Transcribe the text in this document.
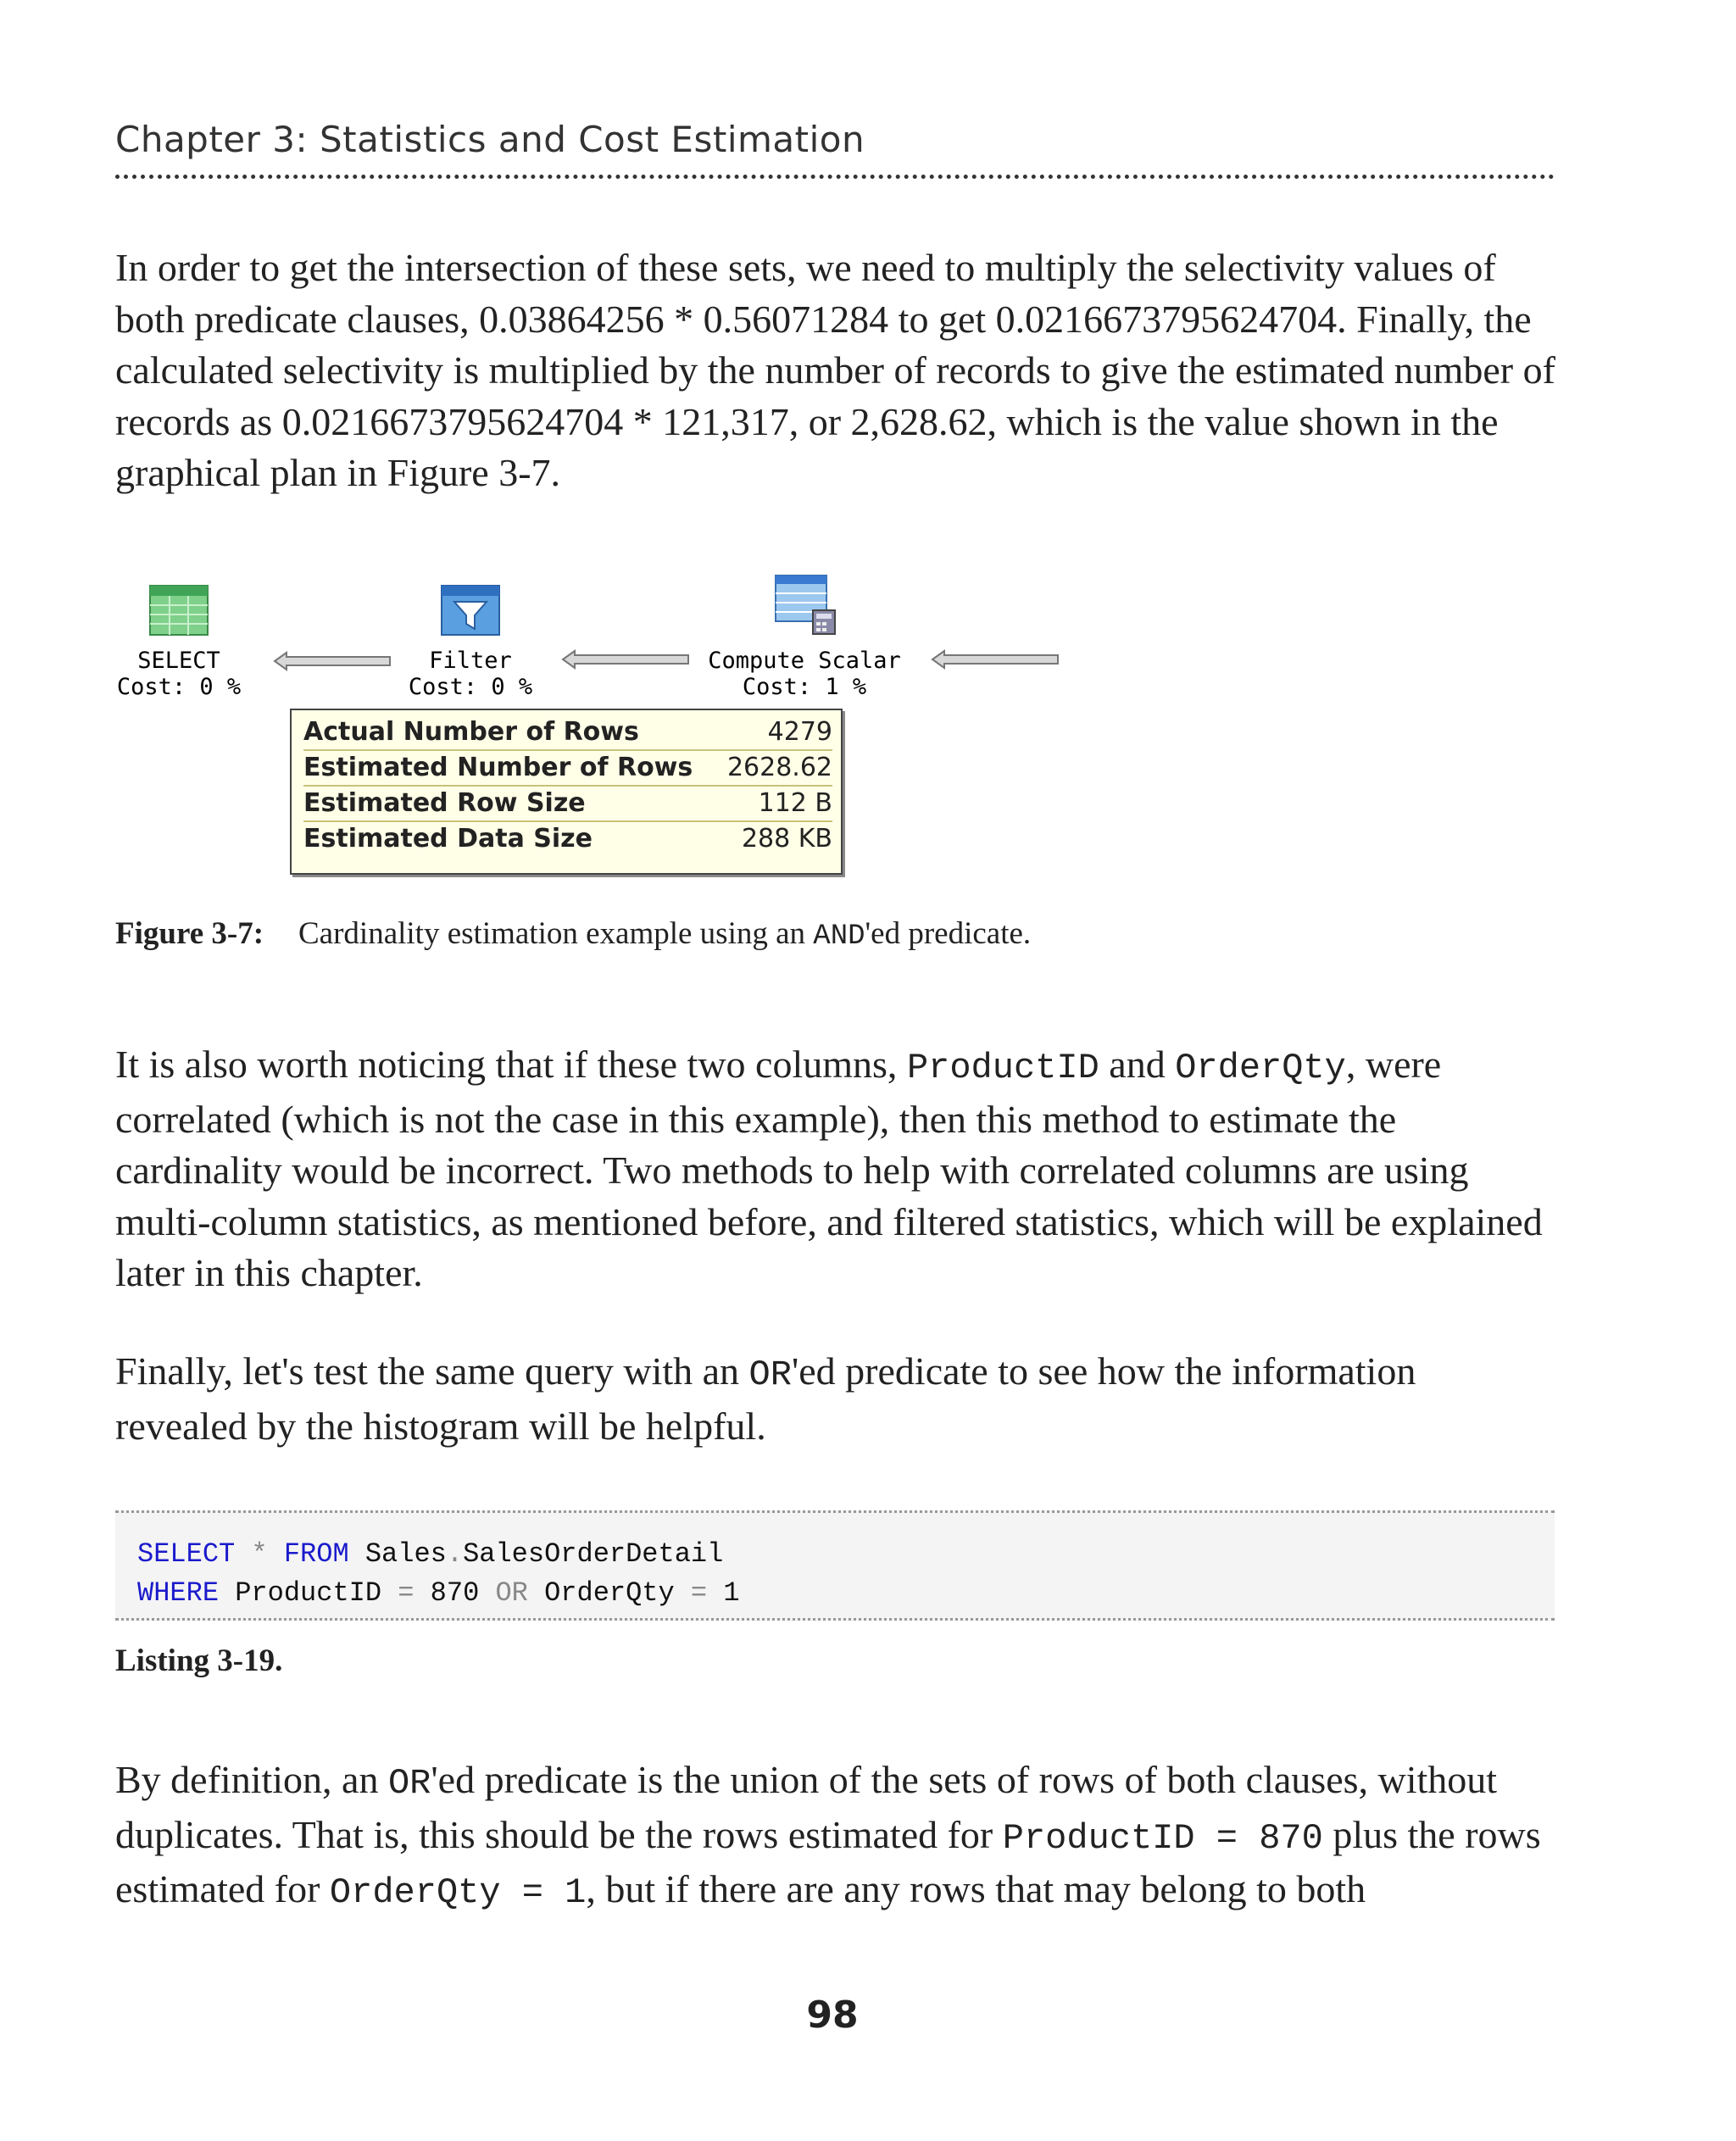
Chapter 3: Statistics and Cost Estimation

In order to get the intersection of these sets, we need to multiply the selectivity values of both predicate clauses, 0.03864256 * 0.56071284 to get 0.0216673795624704. Finally, the calculated selectivity is multiplied by the number of records to give the estimated number of records as 0.0216673795624704 * 121,317, or 2,628.62, which is the value shown in the graphical plan in Figure 3-7.

SELECT
Cost: 0 %
Filter
Cost: 0 %
Compute Scalar
Cost: 1 %
Actual Number of Rows	4279
Estimated Number of Rows 2628.62
Estimated Row Size	112 B
Estimated Data Size	288 KB
Figure 3-7: Cardinality estimation example using an AND'ed predicate.

It is also worth noticing that if these two columns, ProductID and OrderQty, were correlated (which is not the case in this example), then this method to estimate the cardinality would be incorrect. Two methods to help with correlated columns are using multi-column statistics, as mentioned before, and filtered statistics, which will be explained later in this chapter.

Finally, let's test the same query with an OR'ed predicate to see how the information revealed by the histogram will be helpful.

SELECT * FROM Sales.SalesOrderDetail
WHERE ProductID = 870 OR OrderQty = 1
Listing 3-19.

By definition, an OR'ed predicate is the union of the sets of rows of both clauses, without duplicates. That is, this should be the rows estimated for ProductID = 870 plus the rows estimated for OrderQty = 1, but if there are any rows that may belong to both

98
